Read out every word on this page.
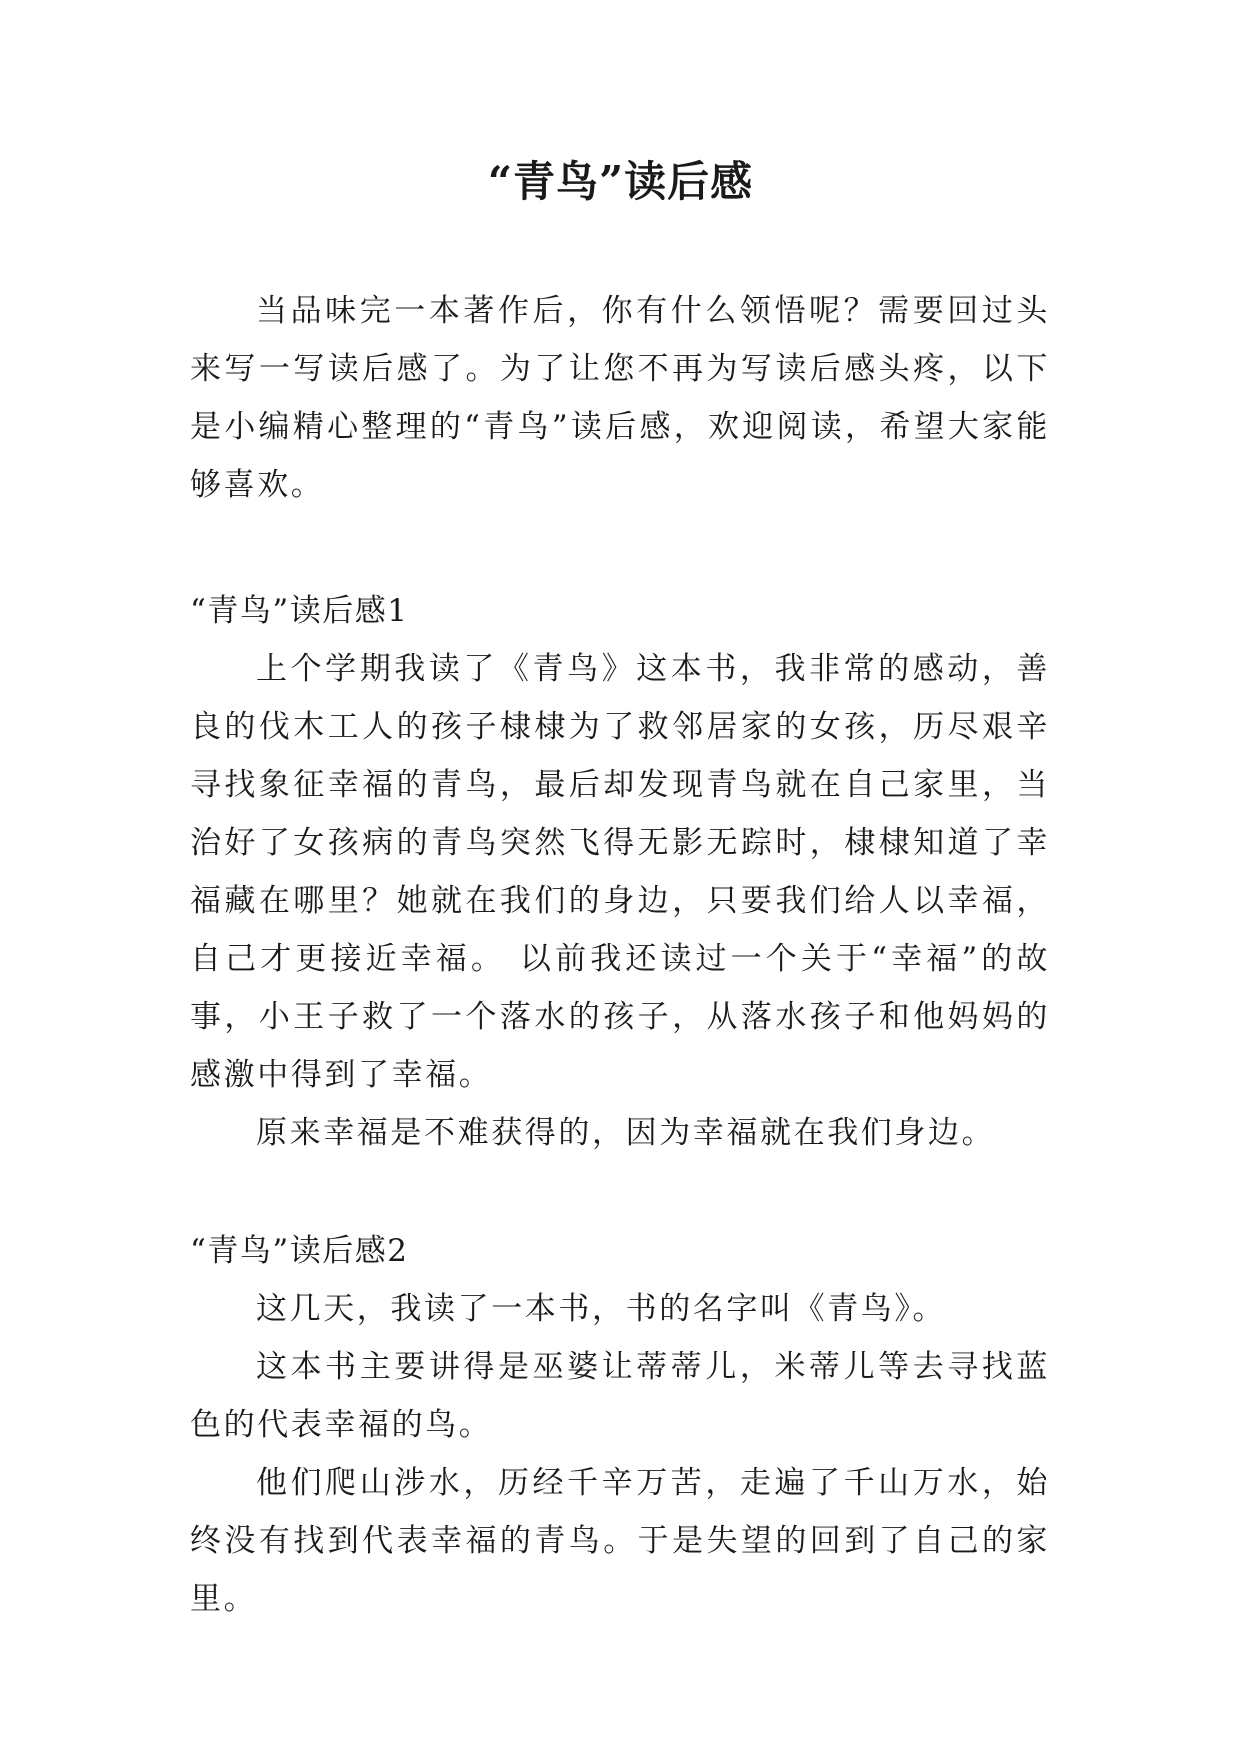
“青鸟”读后感

当品味完一本著作后，你有什么领悟呢？需要回过头来写一写读后感了。为了让您不再为写读后感头疼，以下是小编精心整理的“青鸟”读后感，欢迎阅读，希望大家能够喜欢。

“青鸟”读后感1

上个学期我读了《青鸟》这本书，我非常的感动，善良的伐木工人的孩子棣棣为了救邻居家的女孩，历尽艰辛寻找象征幸福的青鸟，最后却发现青鸟就在自己家里，当治好了女孩病的青鸟突然飞得无影无踪时，棣棣知道了幸福藏在哪里？她就在我们的身边，只要我们给人以幸福，自己才更接近幸福。 以前我还读过一个关于“幸福”的故事，小王子救了一个落水的孩子，从落水孩子和他妈妈的感激中得到了幸福。

原来幸福是不难获得的，因为幸福就在我们身边。

“青鸟”读后感2

这几天，我读了一本书，书的名字叫《青鸟》。

这本书主要讲得是巫婆让蒂蒂儿，米蒂儿等去寻找蓝色的代表幸福的鸟。

他们爬山涉水，历经千辛万苦，走遍了千山万水，始终没有找到代表幸福的青鸟。于是失望的回到了自己的家里。
